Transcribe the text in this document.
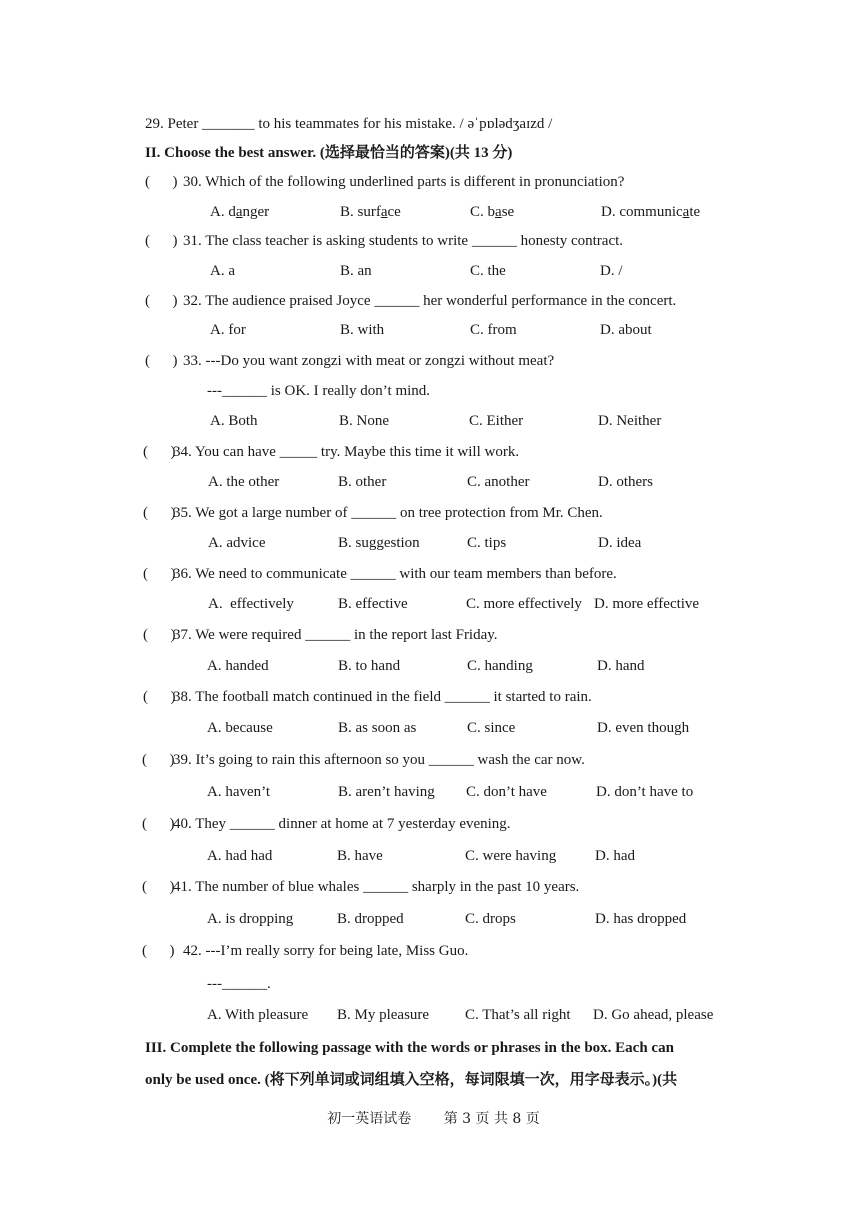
29. Peter _______ to his teammates for his mistake. / əˈpɒlədʒaɪzd /
II. Choose the best answer. (选择最恰当的答案)(共 13 分)
(      ) 30. Which of the following underlined parts is different in pronunciation?
A. danger	B. surface	C. base	D. communicate
(      ) 31. The class teacher is asking students to write ______ honesty contract.
A. a	B. an	C. the	D. /
(      ) 32. The audience praised Joyce ______ her wonderful performance in the concert.
A. for	B. with	C. from	D. about
(      ) 33. ---Do you want zongzi with meat or zongzi without meat?
---______ is OK. I really don’t mind.
A. Both	B. None	C. Either	D. Neither
(      )
34. You can have _____ try. Maybe this time it will work.
A. the other	B. other	C. another	D. others
(      )
35. We got a large number of ______ on tree protection from Mr. Chen.
A. advice	B. suggestion	C. tips	D. idea
(      )
36. We need to communicate ______ with our team members than before.
A.  effectively	B. effective	C. more effectively D. more effective
(      )
37. We were required ______ in the report last Friday.
A. handed	B. to hand	C. handing	D. hand
(      )
38. The football match continued in the field ______ it started to rain.
A. because	B. as soon as	C. since	D. even though
(      )
39. It’s going to rain this afternoon so you ______ wash the car now.
A. haven’t	B. aren’t having C. don’t have	D. don’t have to
(      )
40. They ______ dinner at home at 7 yesterday evening.
A. had had	B. have	C. were having	D. had
(      )
41. The number of blue whales ______ sharply in the past 10 years.
A. is dropping	B. dropped	C. drops	D. has dropped
(      ) 42. ---I’m really sorry for being late, Miss Guo.
---______.
A. With pleasure B. My pleasure C. That’s all right D. Go ahead, please
III. Complete the following passage with the words or phrases in the box. Each can
only be used once. (将下列单词或词组填入空格，每词限填一次，用字母表示。)(共
初一英语试卷 第 3 页 共 8 页
